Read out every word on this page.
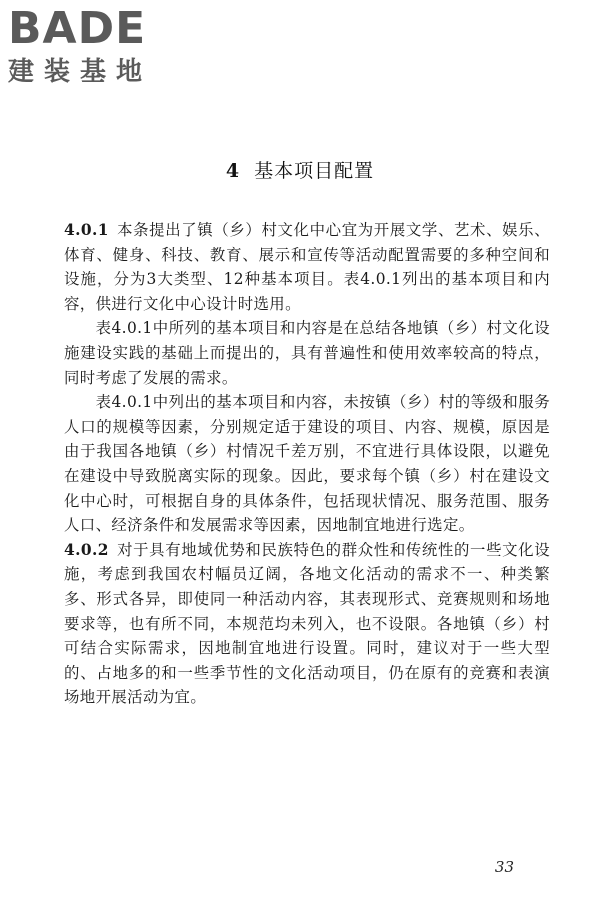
BADE
建装基地
4 基本项目配置

4.0.1 本条提出了镇（乡）村文化中心宜为开展文学、艺术、娱乐、体育、健身、科技、教育、展示和宣传等活动配置需要的多种空间和设施，分为3大类型、12种基本项目。表4.0.1列出的基本项目和内容，供进行文化中心设计时选用。

表4.0.1中所列的基本项目和内容是在总结各地镇（乡）村文化设施建设实践的基础上而提出的，具有普遍性和使用效率较高的特点，同时考虑了发展的需求。

表4.0.1中列出的基本项目和内容，未按镇（乡）村的等级和服务人口的规模等因素，分别规定适于建设的项目、内容、规模，原因是由于我国各地镇（乡）村情况千差万别，不宜进行具体设限，以避免在建设中导致脱离实际的现象。因此，要求每个镇（乡）村在建设文化中心时，可根据自身的具体条件，包括现状情况、服务范围、服务人口、经济条件和发展需求等因素，因地制宜地进行选定。

4.0.2 对于具有地域优势和民族特色的群众性和传统性的一些文化设施，考虑到我国农村幅员辽阔，各地文化活动的需求不一、种类繁多、形式各异，即使同一种活动内容，其表现形式、竞赛规则和场地要求等，也有所不同，本规范均未列入，也不设限。各地镇（乡）村可结合实际需求，因地制宜地进行设置。同时，建议对于一些大型的、占地多的和一些季节性的文化活动项目，仍在原有的竞赛和表演场地开展活动为宜。

33
